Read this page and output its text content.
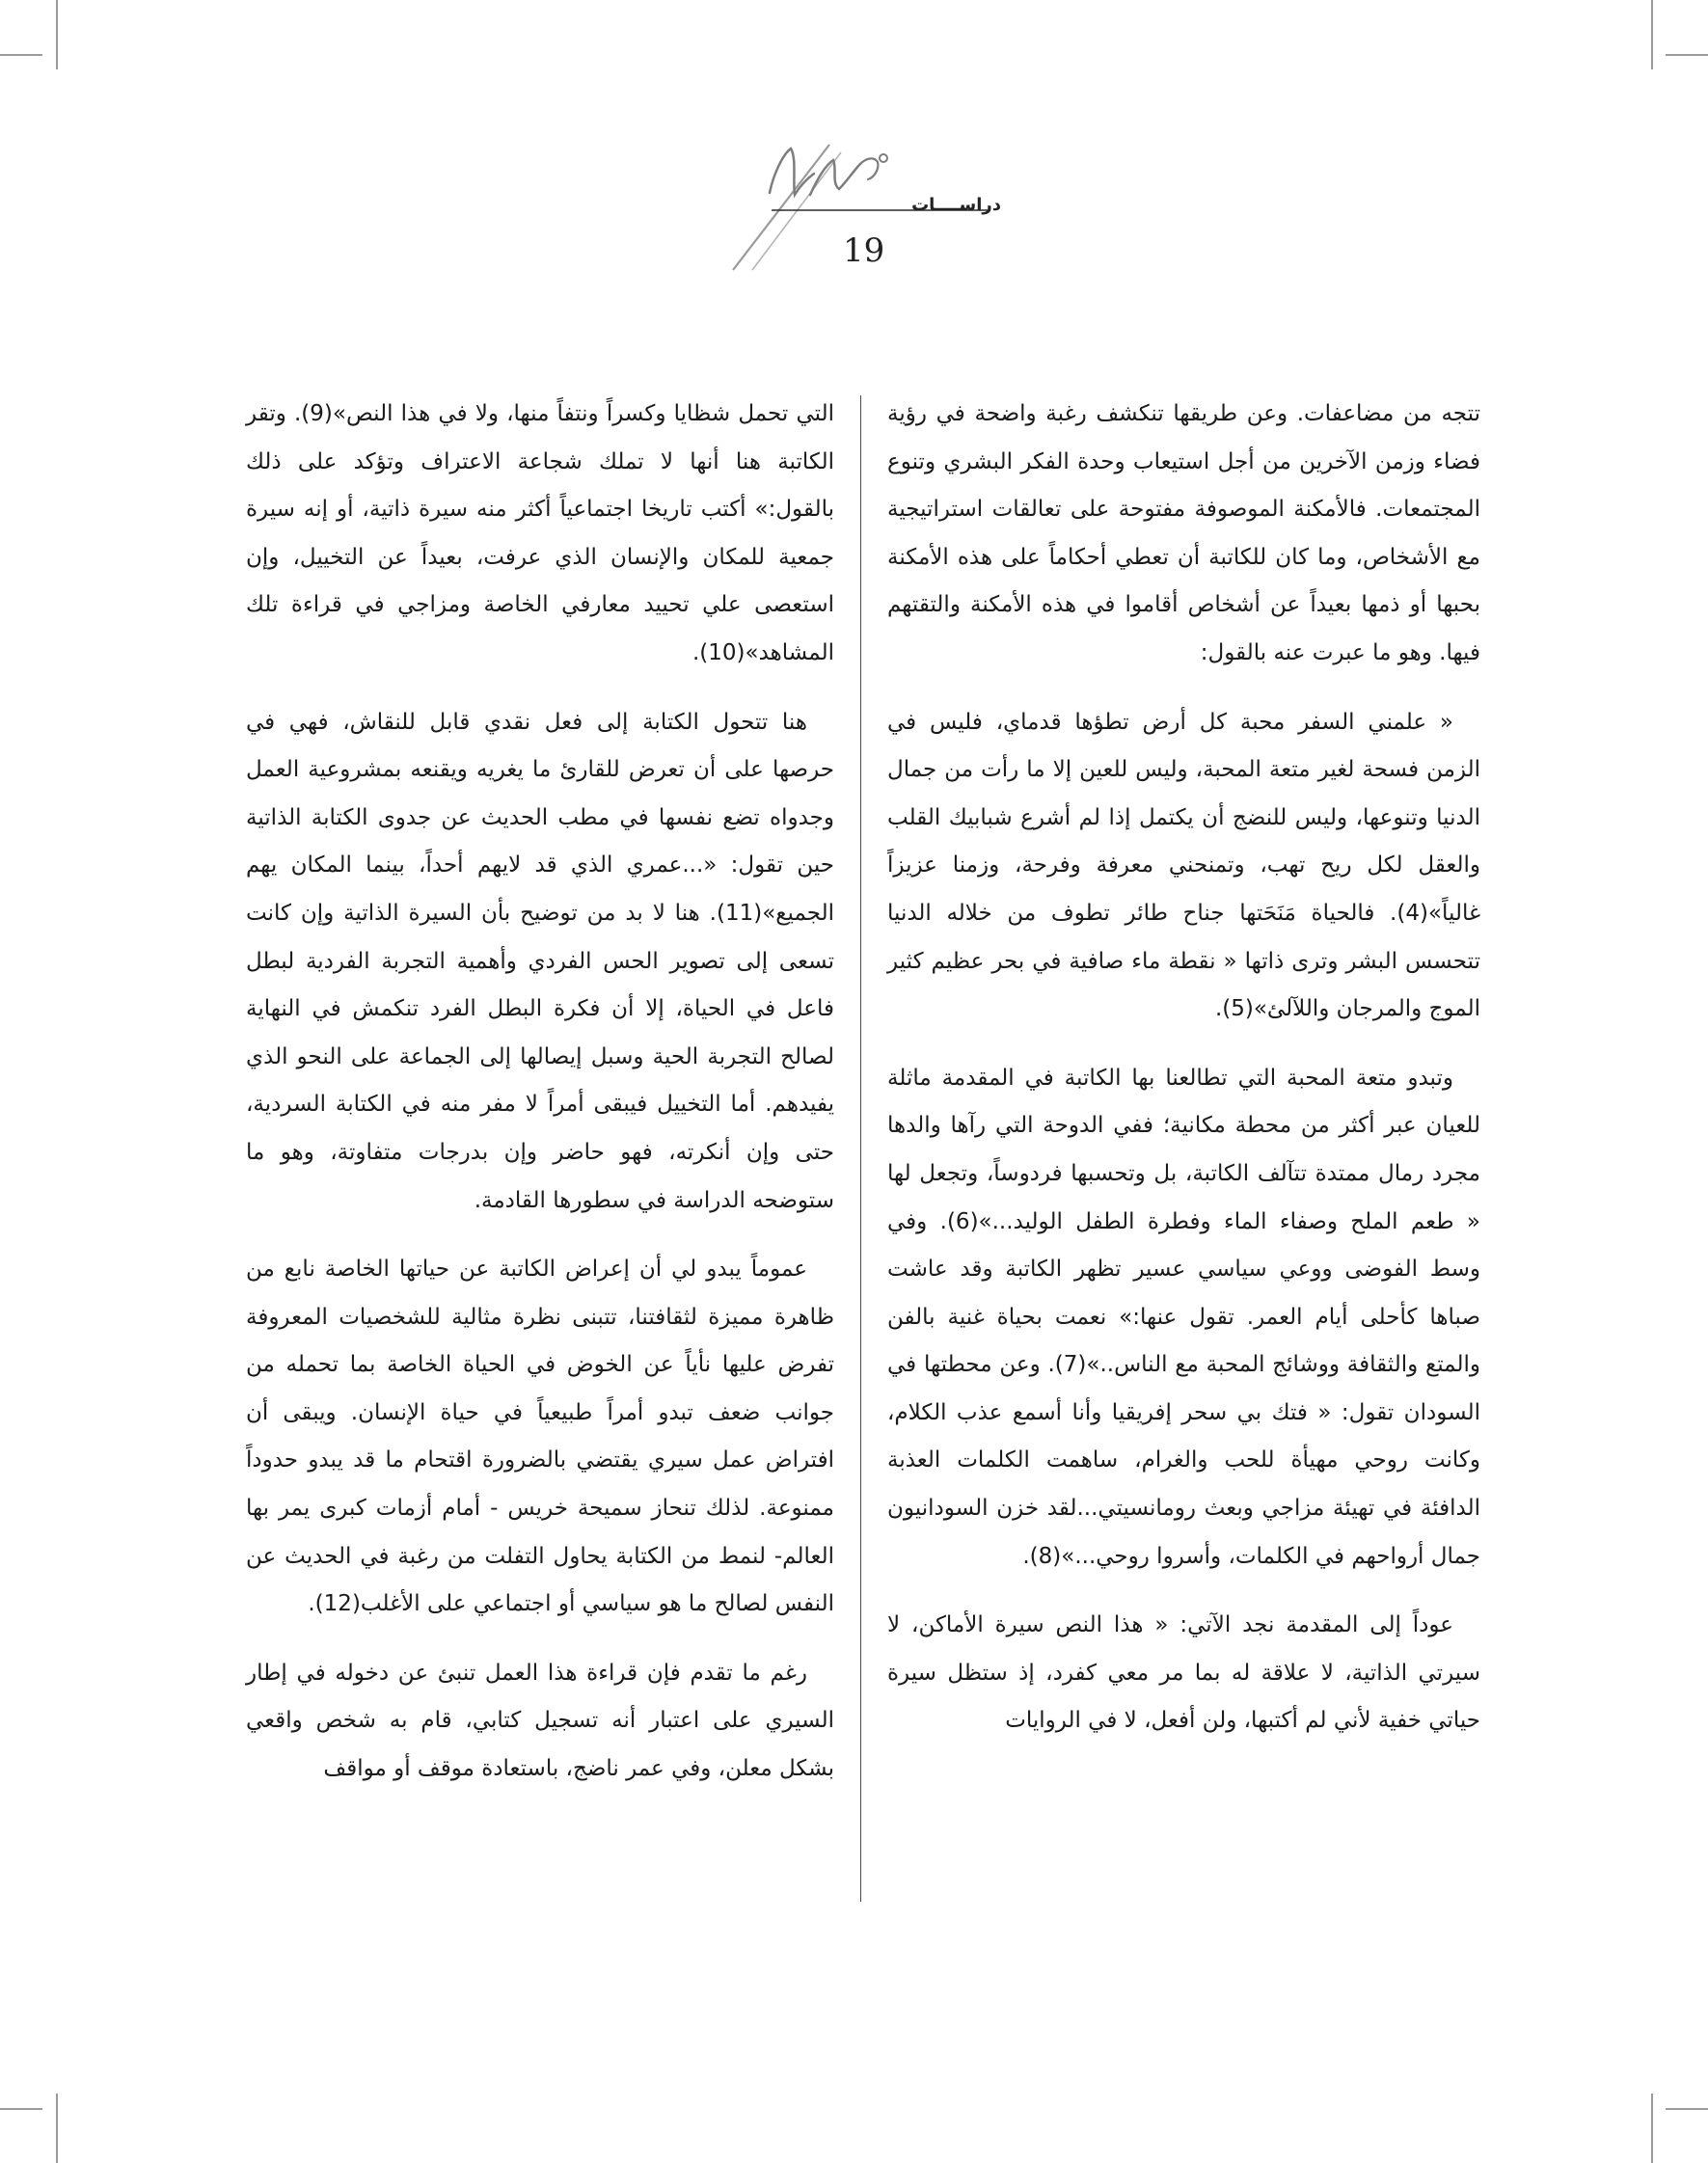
دراســــات
19

تتجه من مضاعفات. وعن طريقها تنكشف رغبة واضحة في رؤية فضاء وزمن الآخرين من أجل استيعاب وحدة الفكر البشري وتنوع المجتمعات. فالأمكنة الموصوفة مفتوحة على تعالقات استراتيجية مع الأشخاص، وما كان للكاتبة أن تعطي أحكاماً على هذه الأمكنة بحبها أو ذمها بعيداً عن أشخاص أقاموا في هذه الأمكنة والتقتهم فيها. وهو ما عبرت عنه بالقول:

« علمني السفر محبة كل أرض تطؤها قدماي، فليس في الزمن فسحة لغير متعة المحبة، وليس للعين إلا ما رأت من جمال الدنيا وتنوعها، وليس للنضج أن يكتمل إذا لم أشرع شبابيك القلب والعقل لكل ريح تهب، وتمنحني معرفة وفرحة، وزمنا عزيزاً غالياً»(4). فالحياة مَنَحَتها جناح طائر تطوف من خلاله الدنيا تتحسس البشر وترى ذاتها « نقطة ماء صافية في بحر عظيم كثير الموج والمرجان واللآلئ»(5).

وتبدو متعة المحبة التي تطالعنا بها الكاتبة في المقدمة ماثلة للعيان عبر أكثر من محطة مكانية؛ ففي الدوحة التي رآها والدها مجرد رمال ممتدة تتآلف الكاتبة، بل وتحسبها فردوساً، وتجعل لها « طعم الملح وصفاء الماء وفطرة الطفل الوليد...»(6). وفي وسط الفوضى ووعي سياسي عسير تظهر الكاتبة وقد عاشت صباها كأحلى أيام العمر. تقول عنها:» نعمت بحياة غنية بالفن والمتع والثقافة ووشائج المحبة مع الناس..»(7). وعن محطتها في السودان تقول: « فتك بي سحر إفريقيا وأنا أسمع عذب الكلام، وكانت روحي مهيأة للحب والغرام، ساهمت الكلمات العذبة الدافئة في تهيئة مزاجي وبعث رومانسيتي...لقد خزن السودانيون جمال أرواحهم في الكلمات، وأسروا روحي...»(8).

عوداً إلى المقدمة نجد الآتي: « هذا النص سيرة الأماكن، لا سيرتي الذاتية، لا علاقة له بما مر معي كفرد، إذ ستظل سيرة حياتي خفية لأني لم أكتبها، ولن أفعل، لا في الروايات

التي تحمل شظايا وكسراً ونتفاً منها، ولا في هذا النص»(9). وتقر الكاتبة هنا أنها لا تملك شجاعة الاعتراف وتؤكد على ذلك بالقول:» أكتب تاريخا اجتماعياً أكثر منه سيرة ذاتية، أو إنه سيرة جمعية للمكان والإنسان الذي عرفت، بعيداً عن التخييل، وإن استعصى علي تحييد معارفي الخاصة ومزاجي في قراءة تلك المشاهد»(10).

هنا تتحول الكتابة إلى فعل نقدي قابل للنقاش، فهي في حرصها على أن تعرض للقارئ ما يغريه ويقنعه بمشروعية العمل وجدواه تضع نفسها في مطب الحديث عن جدوى الكتابة الذاتية حين تقول: «...عمري الذي قد لايهم أحداً، بينما المكان يهم الجميع»(11). هنا لا بد من توضيح بأن السيرة الذاتية وإن كانت تسعى إلى تصوير الحس الفردي وأهمية التجربة الفردية لبطل فاعل في الحياة، إلا أن فكرة البطل الفرد تنكمش في النهاية لصالح التجربة الحية وسبل إيصالها إلى الجماعة على النحو الذي يفيدهم. أما التخييل فيبقى أمراً لا مفر منه في الكتابة السردية، حتى وإن أنكرته، فهو حاضر وإن بدرجات متفاوتة، وهو ما ستوضحه الدراسة في سطورها القادمة.

عموماً يبدو لي أن إعراض الكاتبة عن حياتها الخاصة نابع من ظاهرة مميزة لثقافتنا، تتبنى نظرة مثالية للشخصيات المعروفة تفرض عليها نأياً عن الخوض في الحياة الخاصة بما تحمله من جوانب ضعف تبدو أمراً طبيعياً في حياة الإنسان. ويبقى أن افتراض عمل سيري يقتضي بالضرورة اقتحام ما قد يبدو حدوداً ممنوعة. لذلك تنحاز سميحة خريس - أمام أزمات كبرى يمر بها العالم- لنمط من الكتابة يحاول التفلت من رغبة في الحديث عن النفس لصالح ما هو سياسي أو اجتماعي على الأغلب(12).

رغم ما تقدم فإن قراءة هذا العمل تنبئ عن دخوله في إطار السيري على اعتبار أنه تسجيل كتابي، قام به شخص واقعي بشكل معلن، وفي عمر ناضج، باستعادة موقف أو مواقف
